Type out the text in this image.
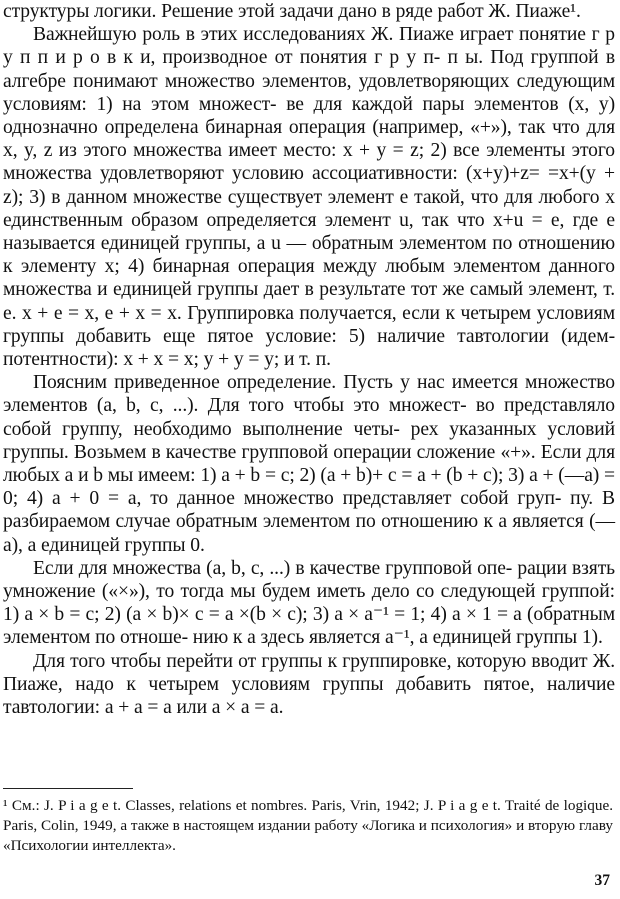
структуры логики. Решение этой задачи дано в ряде работ Ж. Пиаже¹.

Важнейшую роль в этих исследованиях Ж. Пиаже играет понятие г р у п п и р о в к и, производное от понятия г р у п- п ы. Под группой в алгебре понимают множество элементов, удовлетворяющих следующим условиям: 1) на этом множест- ве для каждой пары элементов (x, y) однозначно определена бинарная операция (например, «+»), так что для x, y, z из этого множества имеет место: x + y = z; 2) все элементы этого множества удовлетворяют условию ассоциативности: (x+y)+z= =x+(y + z); 3) в данном множестве существует элемент e такой, что для любого x единственным образом определяется элемент u, так что x+u = e, где e называется единицей группы, а u — обратным элементом по отношению к элементу x; 4) бинарная операция между любым элементом данного множества и единицей группы дает в результате тот же самый элемент, т. е. x + e = x, e + x = x. Группировка получается, если к четырем условиям группы добавить еще пятое условие: 5) наличие тавтологии (идем- потентности): x + x = x; y + y = y; и т. п.

Поясним приведенное определение. Пусть у нас имеется множество элементов (a, b, c, ...). Для того чтобы это множест- во представляло собой группу, необходимо выполнение четы- рех указанных условий группы. Возьмем в качестве групповой операции сложение «+». Если для любых a и b мы имеем: 1) a + b = c; 2) (a + b)+ c = a + (b + c); 3) a + (—a) = 0; 4) a + 0 = a, то данное множество представляет собой груп- пу. В разбираемом случае обратным элементом по отношению к a является (—a), а единицей группы 0.

Если для множества (a, b, c, ...) в качестве групповой опе- рации взять умножение («×»), то тогда мы будем иметь дело со следующей группой: 1) a × b = c; 2) (a × b)× c = a ×(b × c); 3) a × a⁻¹ = 1; 4) a × 1 = a (обратным элементом по отноше- нию к a здесь является a⁻¹, а единицей группы 1).

Для того чтобы перейти от группы к группировке, которую вводит Ж. Пиаже, надо к четырем условиям группы добавить пятое, наличие тавтологии: a + a = a или a × a = a.

¹ См.: J. P i a g e t. Classes, relations et nombres. Paris, Vrin, 1942; J. P i a g e t. Traité de logique. Paris, Colin, 1949, а также в настоящем издании работу «Логика и психология» и вторую главу «Психологии интеллекта».

37
